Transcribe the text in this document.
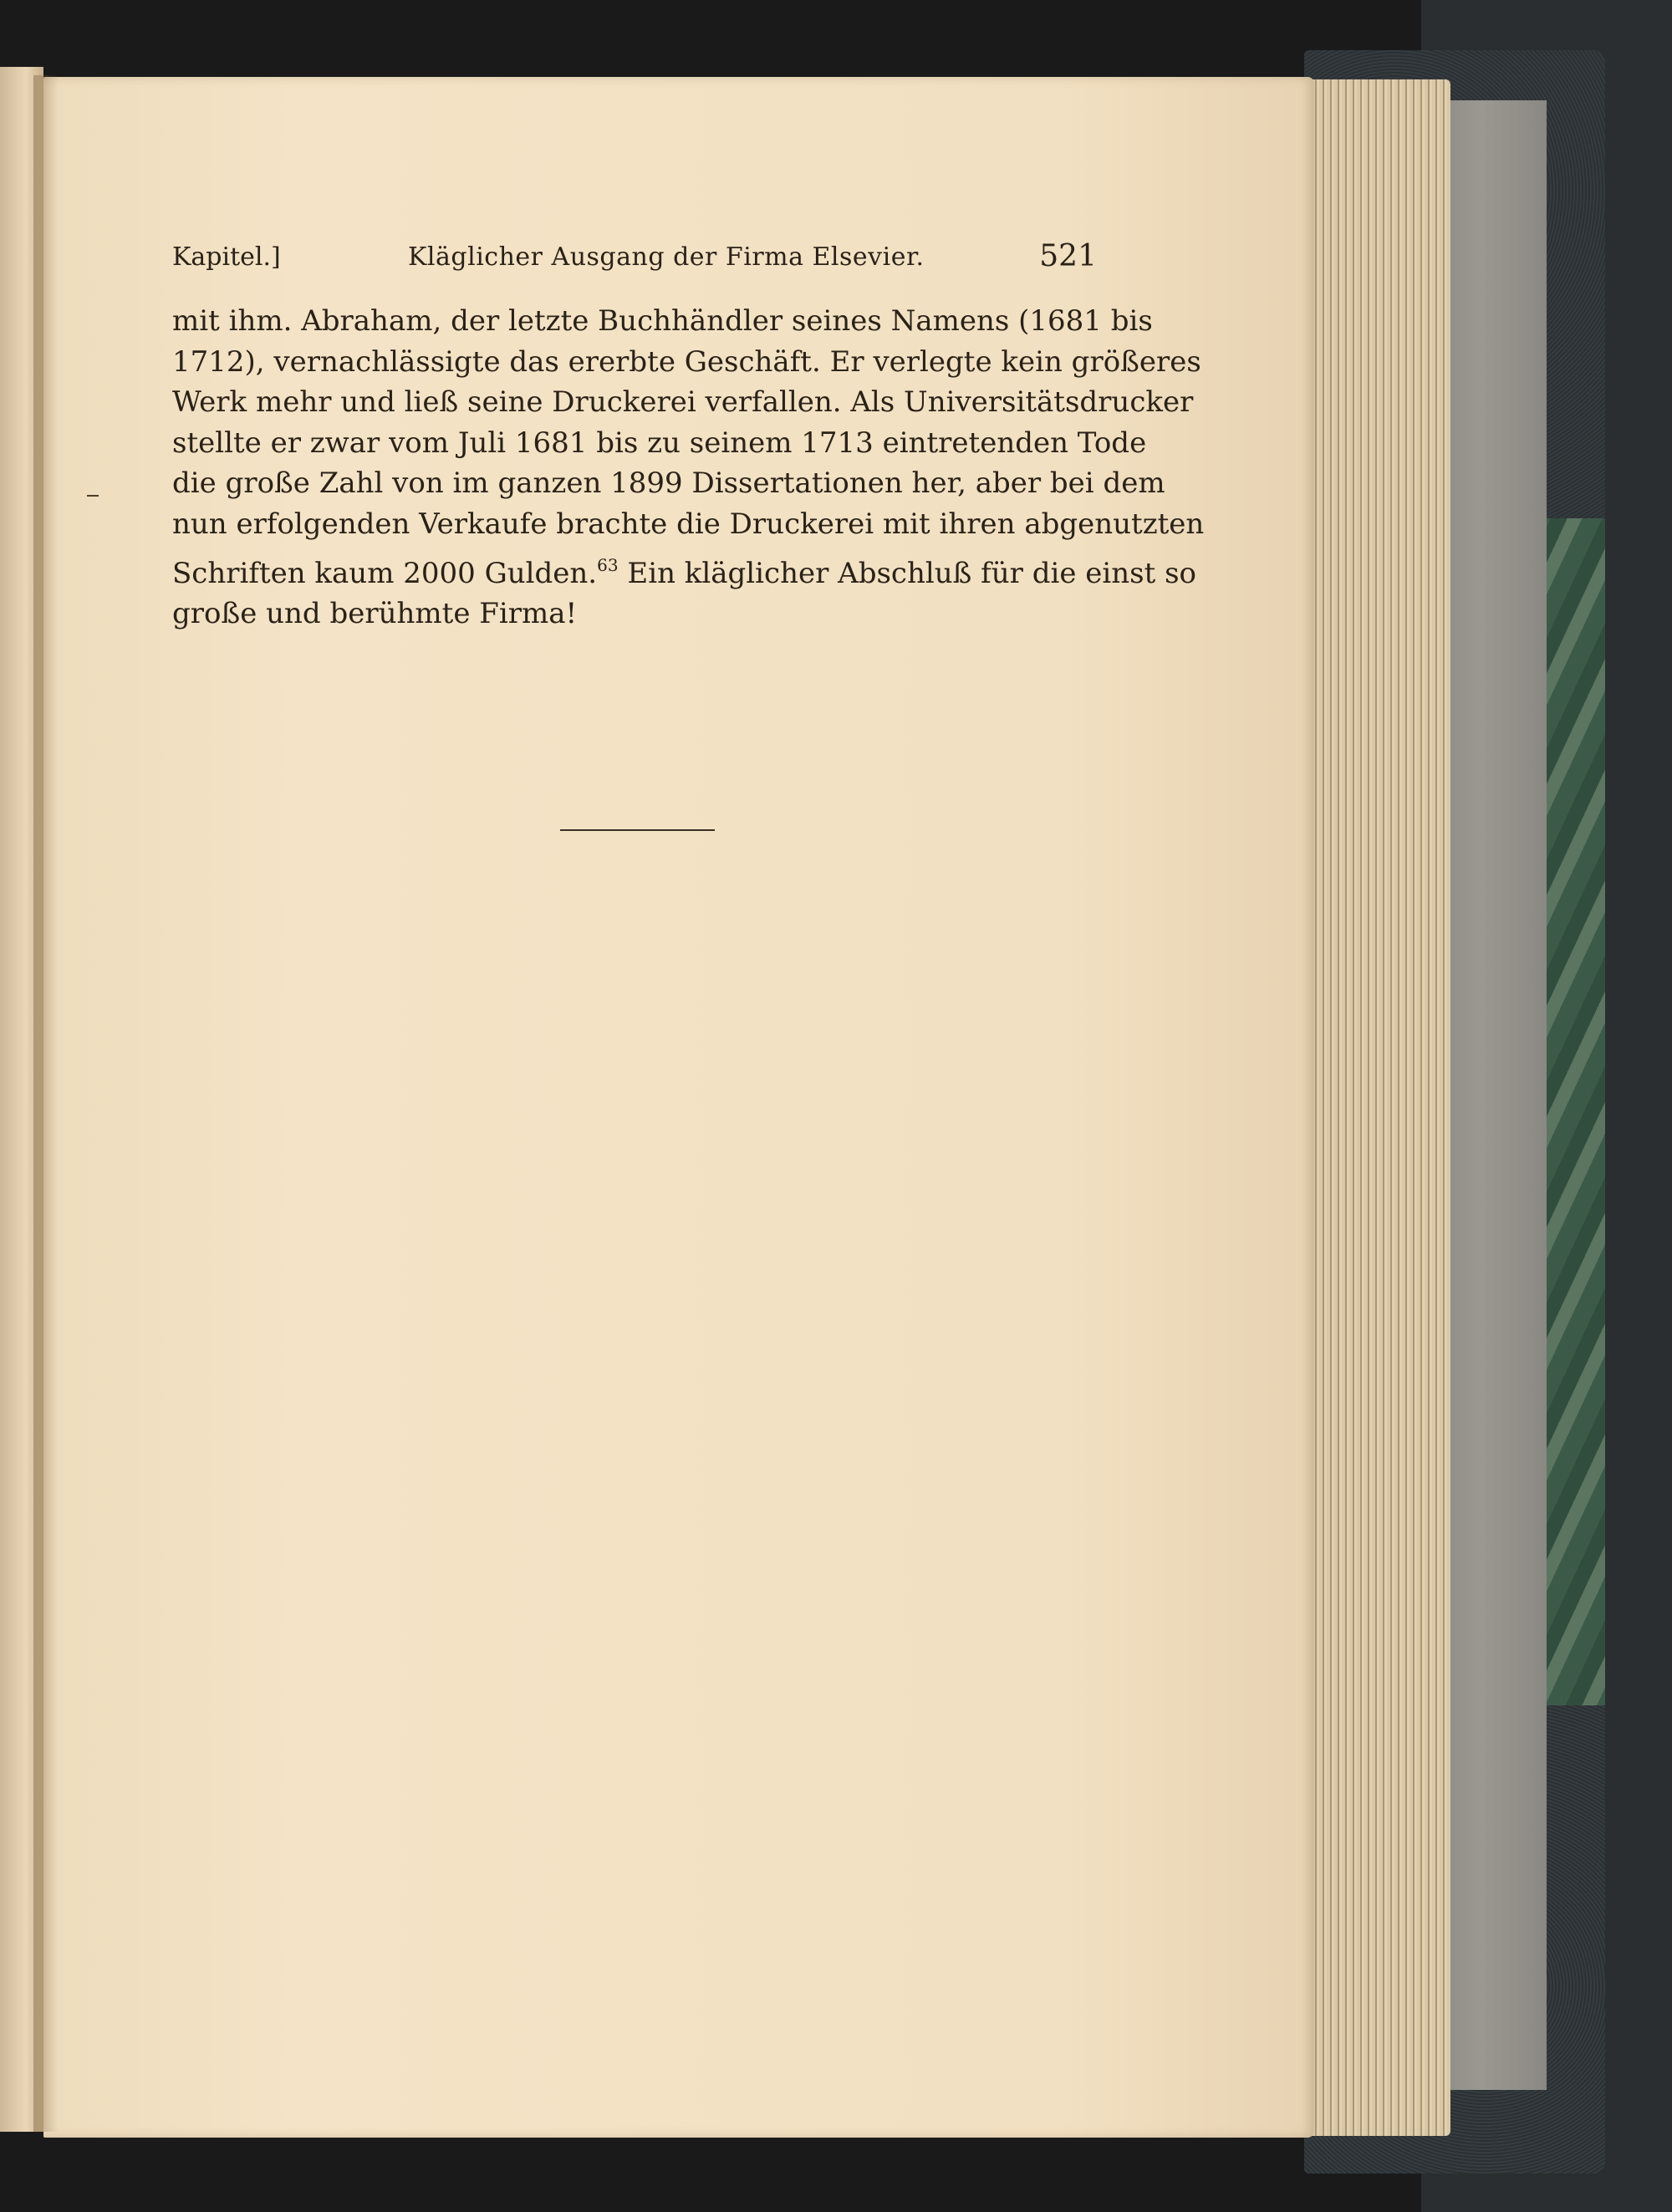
Kapitel.]	Kläglicher Ausgang der Firma Elsevier.	521
mit ihm. Abraham, der letzte Buchhändler seines Namens (1681 bis
1712), vernachlässigte das ererbte Geschäft. Er verlegte kein größeres
Werk mehr und ließ seine Druckerei verfallen. Als Universitätsdrucker
stellte er zwar vom Juli 1681 bis zu seinem 1713 eintretenden Tode
die große Zahl von im ganzen 1899 Dissertationen her, aber bei dem
nun erfolgenden Verkaufe brachte die Druckerei mit ihren abgenutzten
Schriften kaum 2000 Gulden.$^{63}$ Ein kläglicher Abschluß für die einst so
große und berühmte Firma!
